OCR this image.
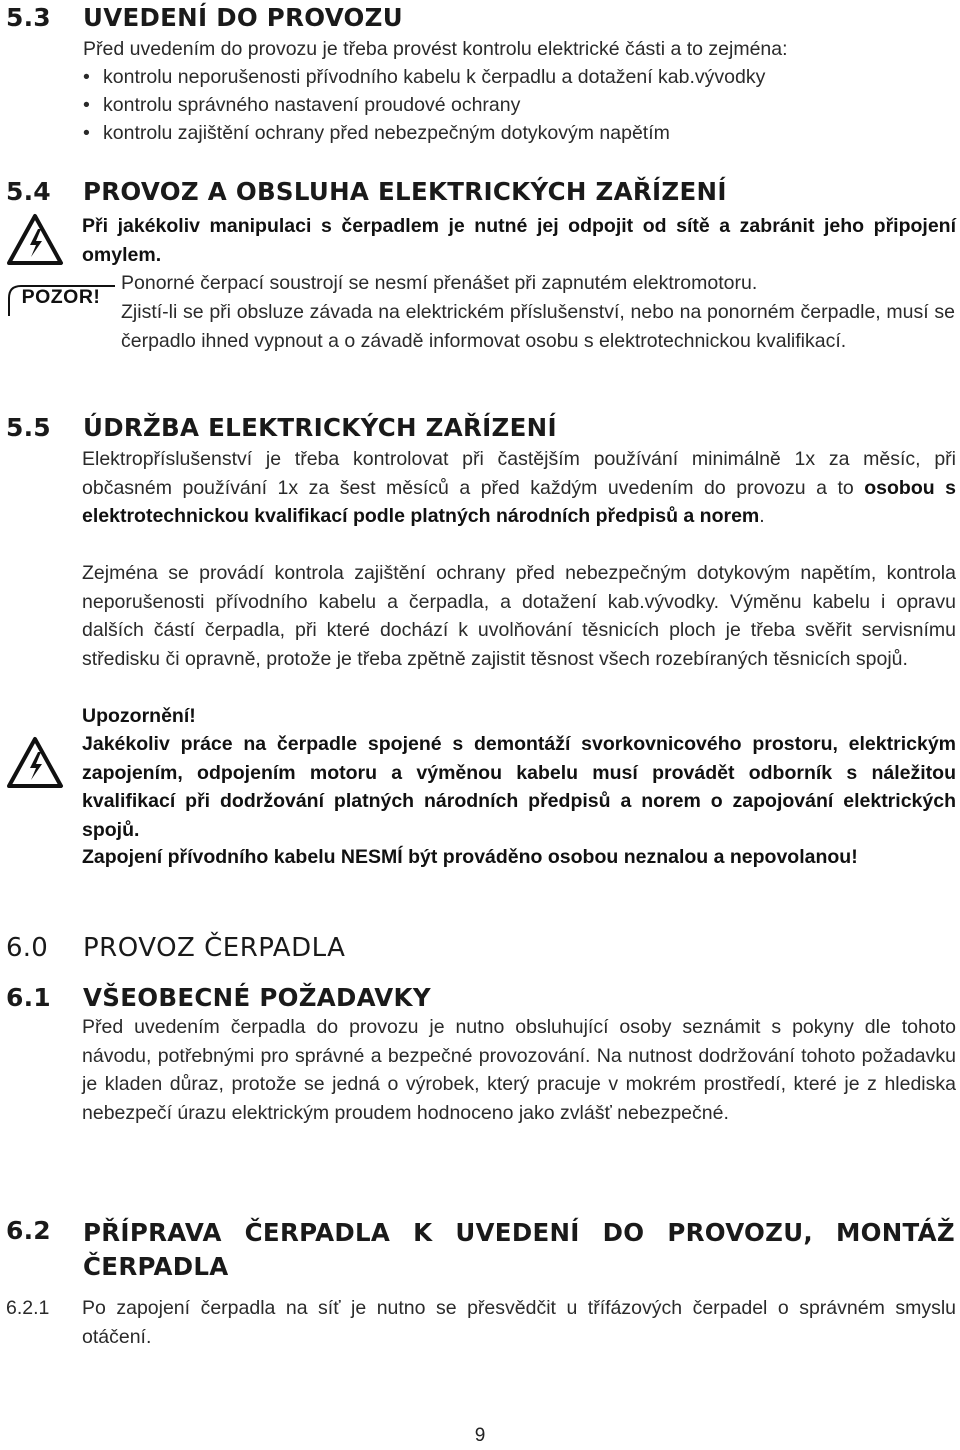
5.3 UVEDENÍ DO PROVOZU
Před uvedením do provozu je třeba provést kontrolu elektrické části a to zejména:
• kontrolu neporušenosti přívodního kabelu k čerpadlu a dotažení kab.vývodky
• kontrolu správného nastavení proudové ochrany
• kontrolu zajištění ochrany před nebezpečným dotykovým napětím
5.4 PROVOZ A OBSLUHA ELEKTRICKÝCH ZAŘÍZENÍ
Při jakékoliv manipulaci s čerpadlem je nutné jej odpojit od sítě a zabránit jeho připojení omylem.
POZOR!
Ponorné čerpací soustrojí se nesmí přenášet při zapnutém elektromotoru.
Zjistí-li se při obsluze závada na elektrickém příslušenství, nebo na ponorném čerpadle, musí se čerpadlo ihned vypnout a o závadě informovat osobu s elektrotechnickou kvalifikací.
5.5 ÚDRŽBA ELEKTRICKÝCH ZAŘÍZENÍ
Elektropříslušenství je třeba kontrolovat při častějším používání minimálně 1x za měsíc, při občasném používání 1x za šest měsíců a před každým uvedením do provozu a to osobou s elektrotechnickou kvalifikací podle platných národních předpisů a norem.
Zejména se provádí kontrola zajištění ochrany před nebezpečným dotykovým napětím, kontrola neporušenosti přívodního kabelu a čerpadla, a dotažení kab.vývodky. Výměnu kabelu i opravu dalších částí čerpadla, při které dochází k uvolňování těsnicích ploch je třeba svěřit servisnímu středisku či opravně, protože je třeba zpětně zajistit těsnost všech rozebíraných těsnicích spojů.
Upozornění!
Jakékoliv práce na čerpadle spojené s demontáží svorkovnicového prostoru, elektrickým zapojením, odpojením motoru a výměnou kabelu musí provádět odborník s náležitou kvalifikací při dodržování platných národních předpisů a norem o zapojování elektrických spojů.
Zapojení přívodního kabelu NESMÍ být prováděno osobou neznalou a nepovolanou!
6.0 PROVOZ ČERPADLA
6.1 VŠEOBECNÉ POŽADAVKY
Před uvedením čerpadla do provozu je nutno obsluhující osoby seznámit s pokyny dle tohoto návodu, potřebnými pro správné a bezpečné provozování. Na nutnost dodržování tohoto požadavku je kladen důraz, protože se jedná o výrobek, který pracuje v mokrém prostředí, které je z hlediska nebezpečí úrazu elektrickým proudem hodnoceno jako zvlášť nebezpečné.
6.2 PŘÍPRAVA ČERPADLA K UVEDENÍ DO PROVOZU, MONTÁŽ ČERPADLA
6.2.1 Po zapojení čerpadla na síť je nutno se přesvědčit u třífázových čerpadel o správném smyslu otáčení.
9
